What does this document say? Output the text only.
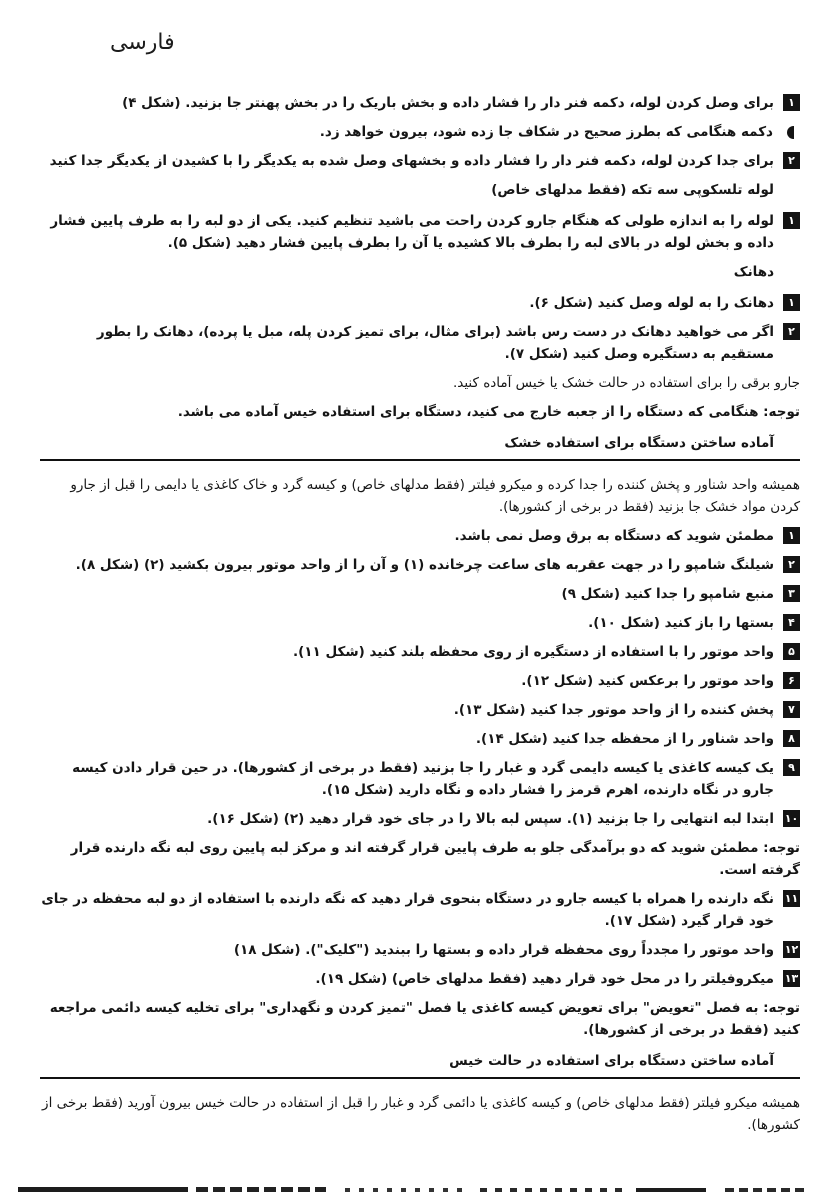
فارسی
۱
برای وصل کردن لوله، دکمه فنر دار را فشار داده و بخش باریک را در بخش پهنتر جا بزنید. (شکل ۴)
دکمه هنگامی که بطرز صحیح در شکاف جا زده شود، بیرون خواهد زد.
۲
برای جدا کردن لوله، دکمه فنر دار را فشار داده و بخشهای وصل شده به یکدیگر را با کشیدن از یکدیگر جدا کنید
لوله تلسکوپی سه تکه (فقط مدلهای خاص)
۱
لوله را به اندازه طولی که هنگام جارو کردن راحت می باشید تنظیم کنید. یکی از دو لبه را به طرف پایین فشار داده و بخش لوله در بالای لبه را بطرف بالا کشیده یا آن را بطرف پایین فشار دهید (شکل ۵).
دهانک
۱
دهانک را به لوله وصل کنید (شکل ۶).
۲
اگر می خواهید دهانک در دست رس باشد (برای مثال، برای تمیز کردن پله، مبل یا پرده)، دهانک را بطور مستقیم به دستگیره وصل کنید (شکل ۷).
جارو برقی را برای استفاده در حالت خشک یا خیس آماده کنید.
توجه: هنگامی که دستگاه را از جعبه خارج می کنید، دستگاه برای استفاده خیس آماده می باشد.
آماده ساختن دستگاه برای استفاده خشک
همیشه واحد شناور و پخش کننده را جدا کرده و میکرو فیلتر (فقط مدلهای خاص) و کیسه گرد و خاک کاغذی یا دایمی را قبل از جارو کردن مواد خشک جا بزنید (فقط در برخی از کشورها).
۱
مطمئن شوید که دستگاه به برق وصل نمی باشد.
۲
شیلنگ شامپو را در جهت عقربه های ساعت چرخانده (۱) و آن را از واحد موتور بیرون بکشید (۲) (شکل ۸).
۳
منبع شامپو را جدا کنید (شکل ۹)
۴
بستها را باز کنید (شکل ۱۰).
۵
واحد موتور را با استفاده از دستگیره از روی محفظه بلند کنید (شکل ۱۱).
۶
واحد موتور را برعکس کنید (شکل ۱۲).
۷
پخش کننده را از واحد موتور جدا کنید (شکل ۱۳).
۸
واحد شناور را از محفظه جدا کنید (شکل ۱۴).
۹
یک کیسه کاغذی یا کیسه دایمی گرد و غبار را جا بزنید (فقط در برخی از کشورها). در حین قرار دادن کیسه جارو در نگاه دارنده، اهرم قرمز را فشار داده و نگاه دارید (شکل ۱۵).
۱۰
ابتدا لبه انتهایی را جا بزنید (۱). سپس لبه بالا را در جای خود قرار دهید (۲) (شکل ۱۶).
توجه: مطمئن شوید که دو برآمدگی جلو به طرف پایین قرار گرفته اند و مرکز لبه پایین روی لبه نگه دارنده قرار گرفته است.
۱۱
نگه دارنده را همراه با کیسه جارو در دستگاه بنحوی قرار دهید که نگه دارنده با استفاده از دو لبه محفظه در جای خود قرار گیرد (شکل ۱۷).
۱۲
واحد موتور را مجدداً روی محفظه قرار داده و بستها را ببندید ("کلیک"). (شکل ۱۸)
۱۳
میکروفیلتر را در محل خود قرار دهید (فقط مدلهای خاص) (شکل ۱۹).
توجه: به فصل "تعویض" برای تعویض کیسه کاغذی یا فصل "تمیز کردن و نگهداری" برای تخلیه کیسه دائمی مراجعه کنید (فقط در برخی از کشورها).
آماده ساختن دستگاه برای استفاده در حالت خیس
همیشه میکرو فیلتر (فقط مدلهای خاص) و کیسه کاغذی یا دائمی گرد و غبار را قبل از استفاده در حالت خیس بیرون آورید (فقط برخی از کشورها).
